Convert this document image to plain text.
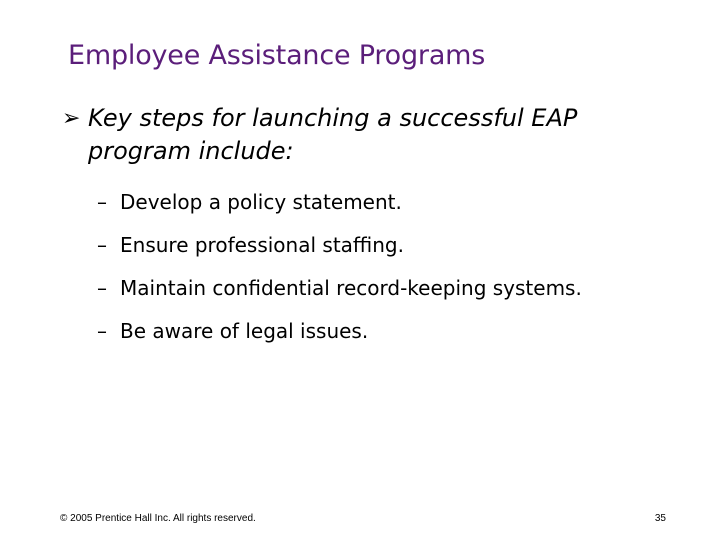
Employee Assistance Programs
➢ Key steps for launching a successful EAP program include:
– Develop a policy statement.
– Ensure professional staffing.
– Maintain confidential record-keeping systems.
– Be aware of legal issues.
© 2005 Prentice Hall Inc. All rights reserved.	35
